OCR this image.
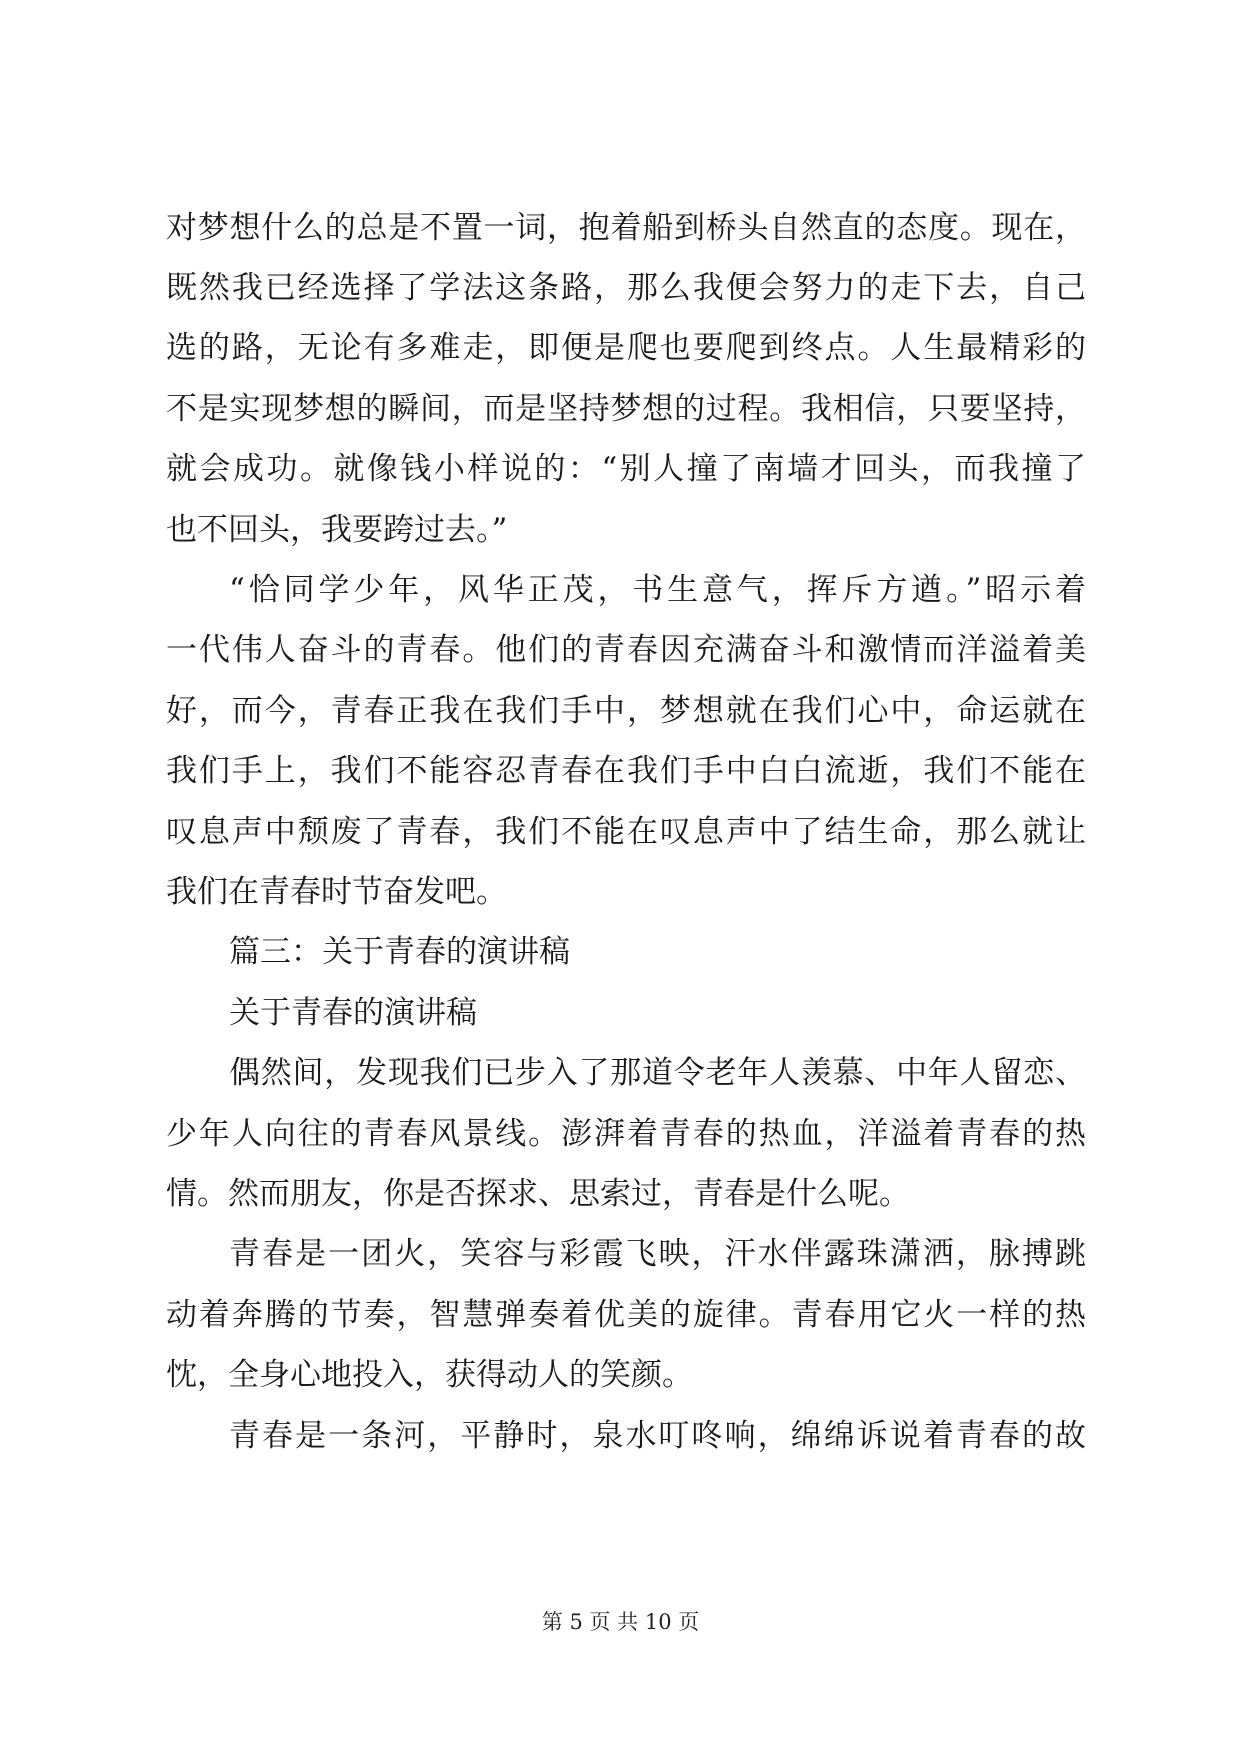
对梦想什么的总是不置一词，抱着船到桥头自然直的态度。现在，
既然我已经选择了学法这条路，那么我便会努力的走下去，自己
选的路，无论有多难走，即便是爬也要爬到终点。人生最精彩的
不是实现梦想的瞬间，而是坚持梦想的过程。我相信，只要坚持，
就会成功。就像钱小样说的：“别人撞了南墙才回头，而我撞了
也不回头，我要跨过去。”
“恰同学少年，风华正茂，书生意气，挥斥方遒。”昭示着
一代伟人奋斗的青春。他们的青春因充满奋斗和激情而洋溢着美
好，而今，青春正我在我们手中，梦想就在我们心中，命运就在
我们手上，我们不能容忍青春在我们手中白白流逝，我们不能在
叹息声中颓废了青春，我们不能在叹息声中了结生命，那么就让
我们在青春时节奋发吧。
篇三：关于青春的演讲稿
关于青春的演讲稿
偶然间，发现我们已步入了那道令老年人羡慕、中年人留恋、
少年人向往的青春风景线。澎湃着青春的热血，洋溢着青春的热
情。然而朋友，你是否探求、思索过，青春是什么呢。
青春是一团火，笑容与彩霞飞映，汗水伴露珠潇洒，脉搏跳
动着奔腾的节奏，智慧弹奏着优美的旋律。青春用它火一样的热
忱，全身心地投入，获得动人的笑颜。
青春是一条河，平静时，泉水叮咚响，绵绵诉说着青春的故
第 5 页 共 10 页
